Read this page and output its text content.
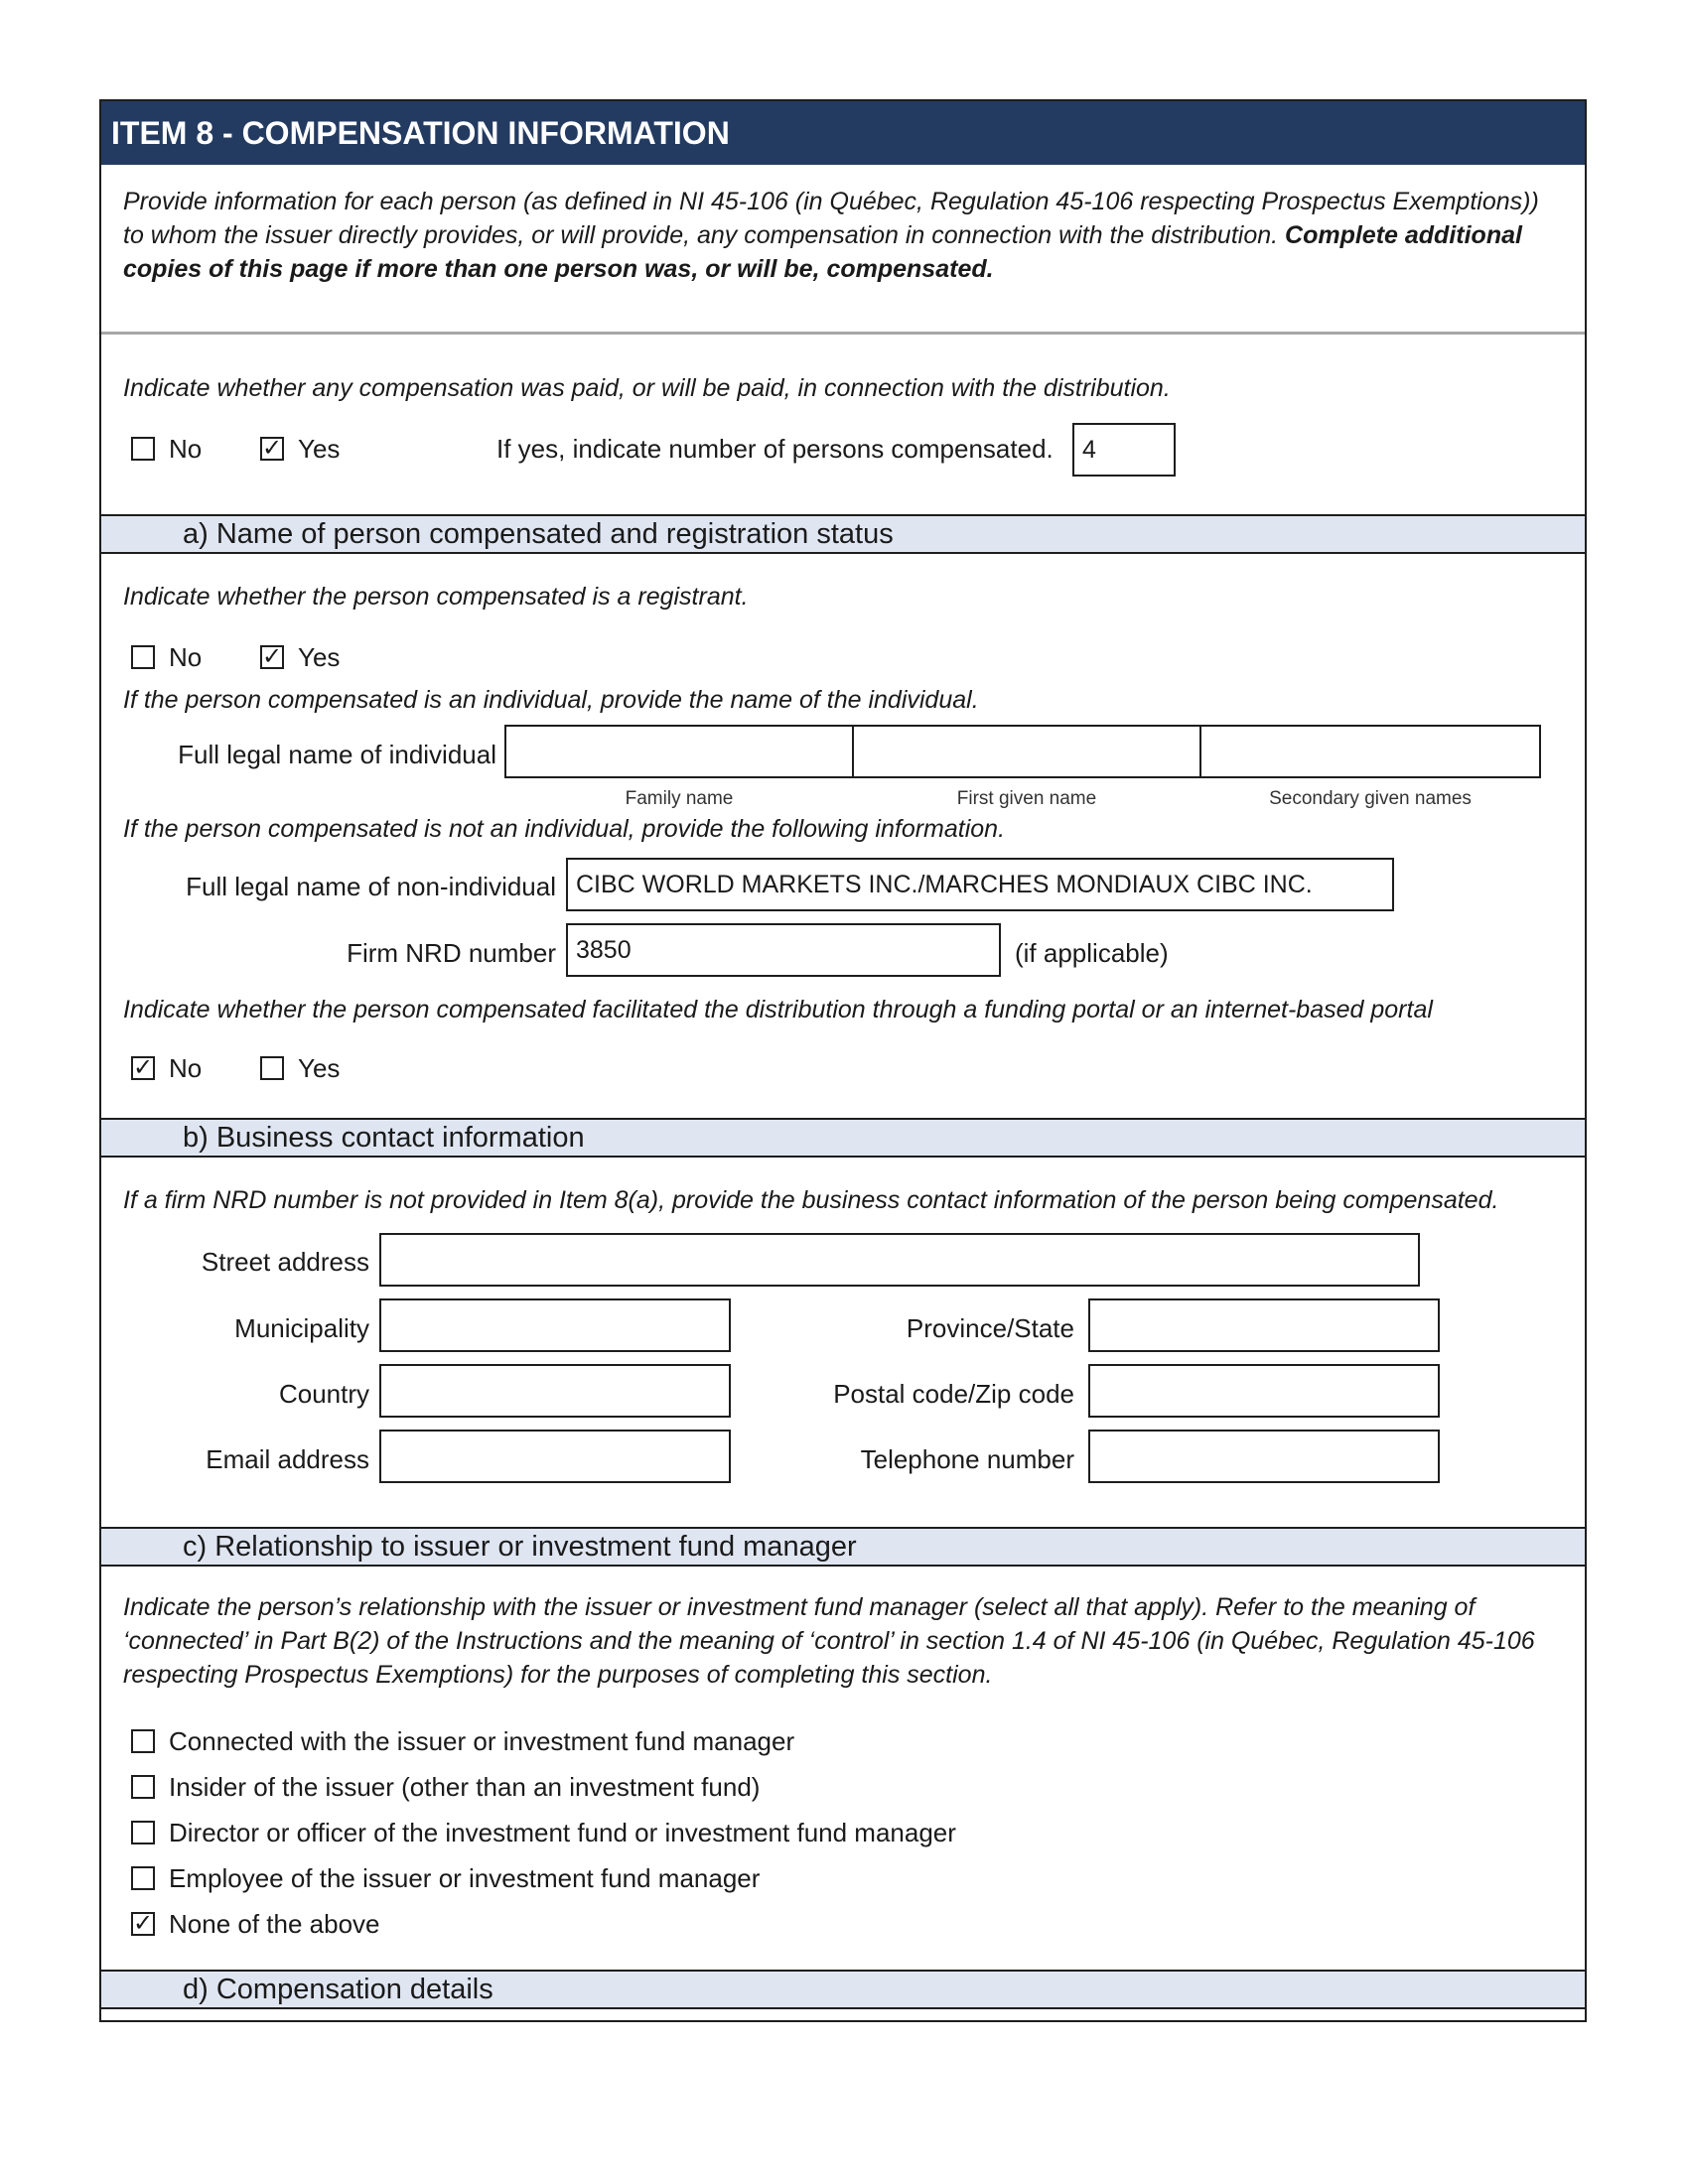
ITEM 8 - COMPENSATION INFORMATION
Provide information for each person (as defined in NI 45-106 (in Québec, Regulation 45-106 respecting Prospectus Exemptions)) to whom the issuer directly provides, or will provide, any compensation in connection with the distribution. Complete additional copies of this page if more than one person was, or will be, compensated.
Indicate whether any compensation was paid, or will be paid, in connection with the distribution.
No	✓ Yes	If yes, indicate number of persons compensated.	4
a) Name of person compensated and registration status
Indicate whether the person compensated is a registrant.
No	✓ Yes
If the person compensated is an individual, provide the name of the individual.
Full legal name of individual
Family name	First given name	Secondary given names
If the person compensated is not an individual, provide the following information.
Full legal name of non-individual CIBC WORLD MARKETS INC./MARCHES MONDIAUX CIBC INC.
Firm NRD number 3850	(if applicable)
Indicate whether the person compensated facilitated the distribution through a funding portal or an internet-based portal
✓ No	Yes
b) Business contact information
If a firm NRD number is not provided in Item 8(a), provide the business contact information of the person being compensated.
Street address
Municipality	Province/State
Country	Postal code/Zip code
Email address	Telephone number
c) Relationship to issuer or investment fund manager
Indicate the person’s relationship with the issuer or investment fund manager (select all that apply). Refer to the meaning of ‘connected’ in Part B(2) of the Instructions and the meaning of ‘control’ in section 1.4 of NI 45-106 (in Québec, Regulation 45-106 respecting Prospectus Exemptions) for the purposes of completing this section.
Connected with the issuer or investment fund manager
Insider of the issuer (other than an investment fund)
Director or officer of the investment fund or investment fund manager
Employee of the issuer or investment fund manager
✓ None of the above
d) Compensation details
